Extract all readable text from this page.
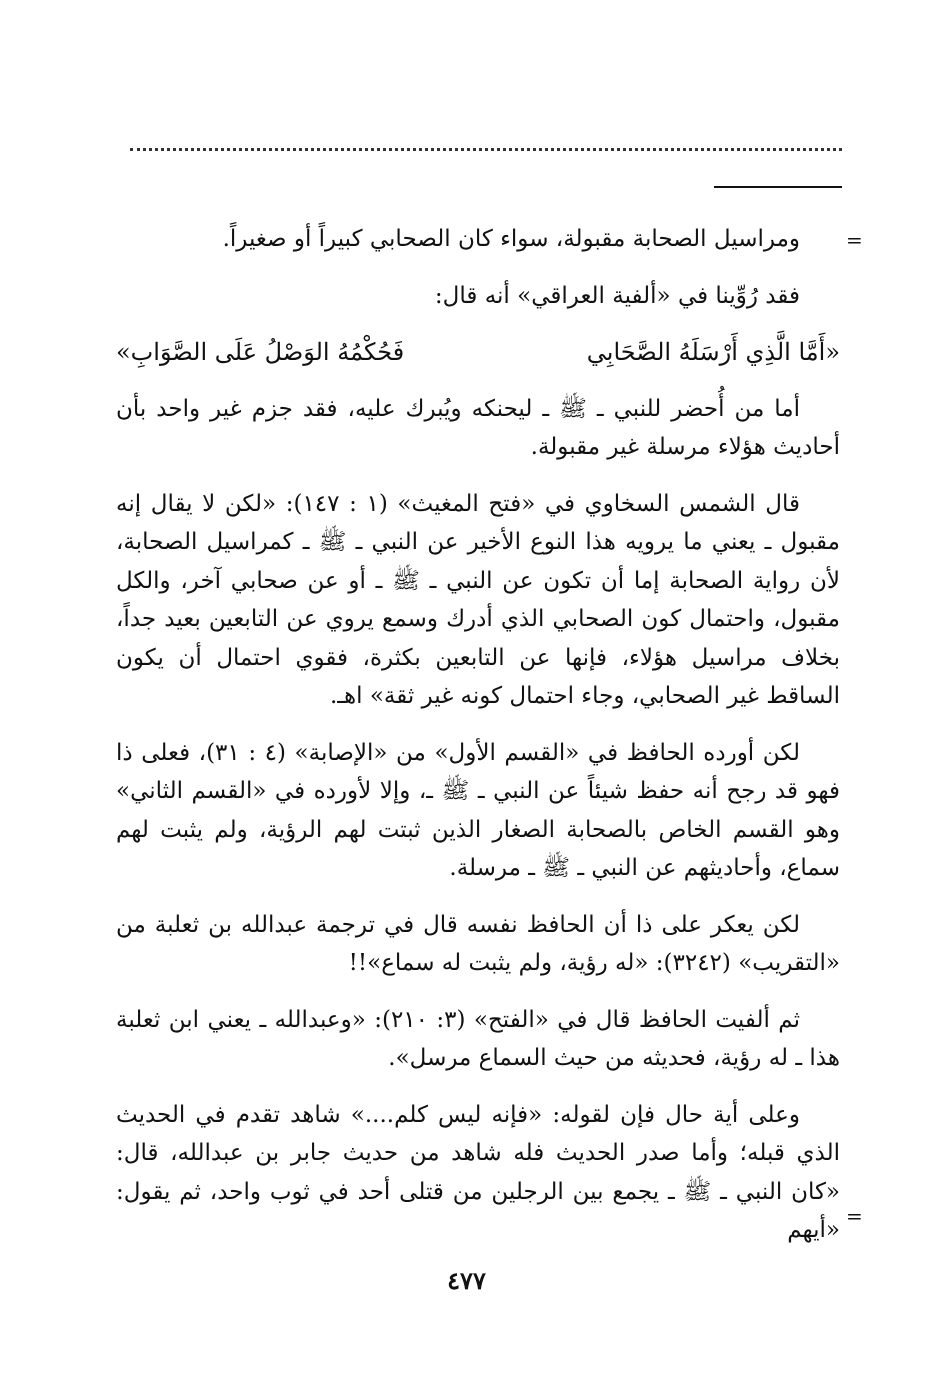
=

ومراسيل الصحابة مقبولة، سواء كان الصحابي كبيراً أو صغيراً.

فقد رُوِّينا في «ألفية العراقي» أنه قال:

«أَمَّا الَّذِي أَرْسَلَهُ الصَّحَابِي
فَحُكْمُهُ الوَصْلُ عَلَى الصَّوَابِ»

أما من أُحضر للنبي ـ ﷺ ـ ليحنكه ويُبرك عليه، فقد جزم غير واحد بأن أحاديث هؤلاء مرسلة غير مقبولة.

قال الشمس السخاوي في «فتح المغيث» (١ : ١٤٧): «لكن لا يقال إنه مقبول ـ يعني ما يرويه هذا النوع الأخير عن النبي ـ ﷺ ـ كمراسيل الصحابة، لأن رواية الصحابة إما أن تكون عن النبي ـ ﷺ ـ أو عن صحابي آخر، والكل مقبول، واحتمال كون الصحابي الذي أدرك وسمع يروي عن التابعين بعيد جداً، بخلاف مراسيل هؤلاء، فإنها عن التابعين بكثرة، فقوي احتمال أن يكون الساقط غير الصحابي، وجاء احتمال كونه غير ثقة» اهـ.

لكن أورده الحافظ في «القسم الأول» من «الإصابة» (٤ : ٣١)، فعلى ذا فهو قد رجح أنه حفظ شيئاً عن النبي ـ ﷺ ـ، وإلا لأورده في «القسم الثاني» وهو القسم الخاص بالصحابة الصغار الذين ثبتت لهم الرؤية، ولم يثبت لهم سماع، وأحاديثهم عن النبي ـ ﷺ ـ مرسلة.

لكن يعكر على ذا أن الحافظ نفسه قال في ترجمة عبدالله بن ثعلبة من «التقريب» (٣٢٤٢): «له رؤية، ولم يثبت له سماع»!!

ثم ألفيت الحافظ قال في «الفتح» (٣: ٢١٠): «وعبدالله ـ يعني ابن ثعلبة هذا ـ له رؤية، فحديثه من حيث السماع مرسل».

وعلى أية حال فإن لقوله: «فإنه ليس كلم....» شاهد تقدم في الحديث الذي قبله؛ وأما صدر الحديث فله شاهد من حديث جابر بن عبدالله، قال: «كان النبي ـ ﷺ ـ يجمع بين الرجلين من قتلى أحد في ثوب واحد، ثم يقول: «أيهم

=
٤٧٧
